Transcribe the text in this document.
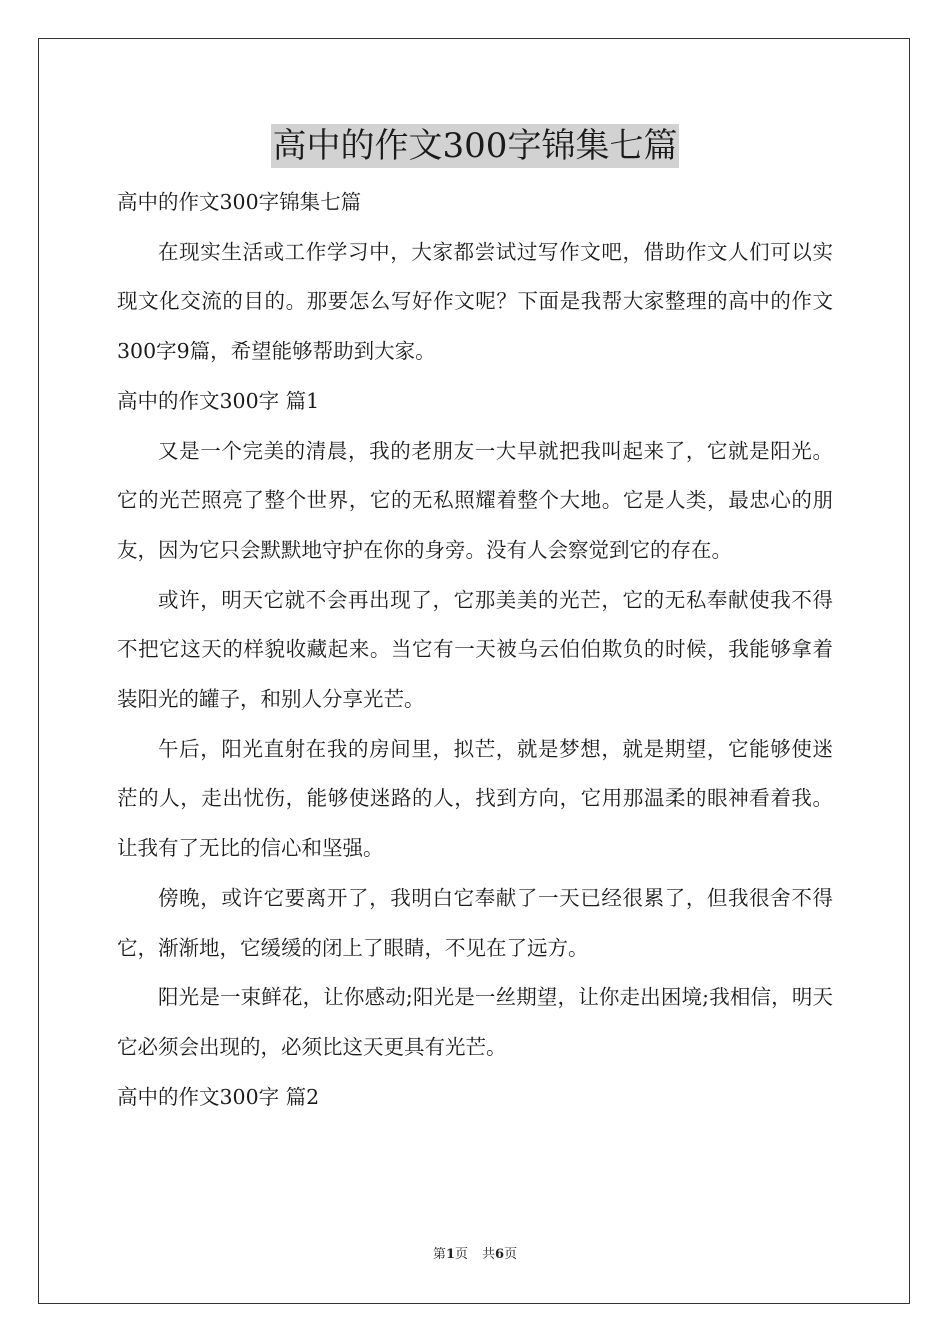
高中的作文300字锦集七篇

高中的作文300字锦集七篇

在现实生活或工作学习中，大家都尝试过写作文吧，借助作文人们可以实现文化交流的目的。那要怎么写好作文呢？下面是我帮大家整理的高中的作文300字9篇，希望能够帮助到大家。

高中的作文300字 篇1

又是一个完美的清晨，我的老朋友一大早就把我叫起来了，它就是阳光。它的光芒照亮了整个世界，它的无私照耀着整个大地。它是人类，最忠心的朋友，因为它只会默默地守护在你的身旁。没有人会察觉到它的存在。

或许，明天它就不会再出现了，它那美美的光芒，它的无私奉献使我不得不把它这天的样貌收藏起来。当它有一天被乌云伯伯欺负的时候，我能够拿着装阳光的罐子，和别人分享光芒。

午后，阳光直射在我的房间里，拟芒，就是梦想，就是期望，它能够使迷茫的人，走出忧伤，能够使迷路的人，找到方向，它用那温柔的眼神看着我。让我有了无比的信心和坚强。

傍晚，或许它要离开了，我明白它奉献了一天已经很累了，但我很舍不得它，渐渐地，它缓缓的闭上了眼睛，不见在了远方。

阳光是一束鲜花，让你感动;阳光是一丝期望，让你走出困境;我相信，明天它必须会出现的，必须比这天更具有光芒。

高中的作文300字 篇2

第1页 共6页
